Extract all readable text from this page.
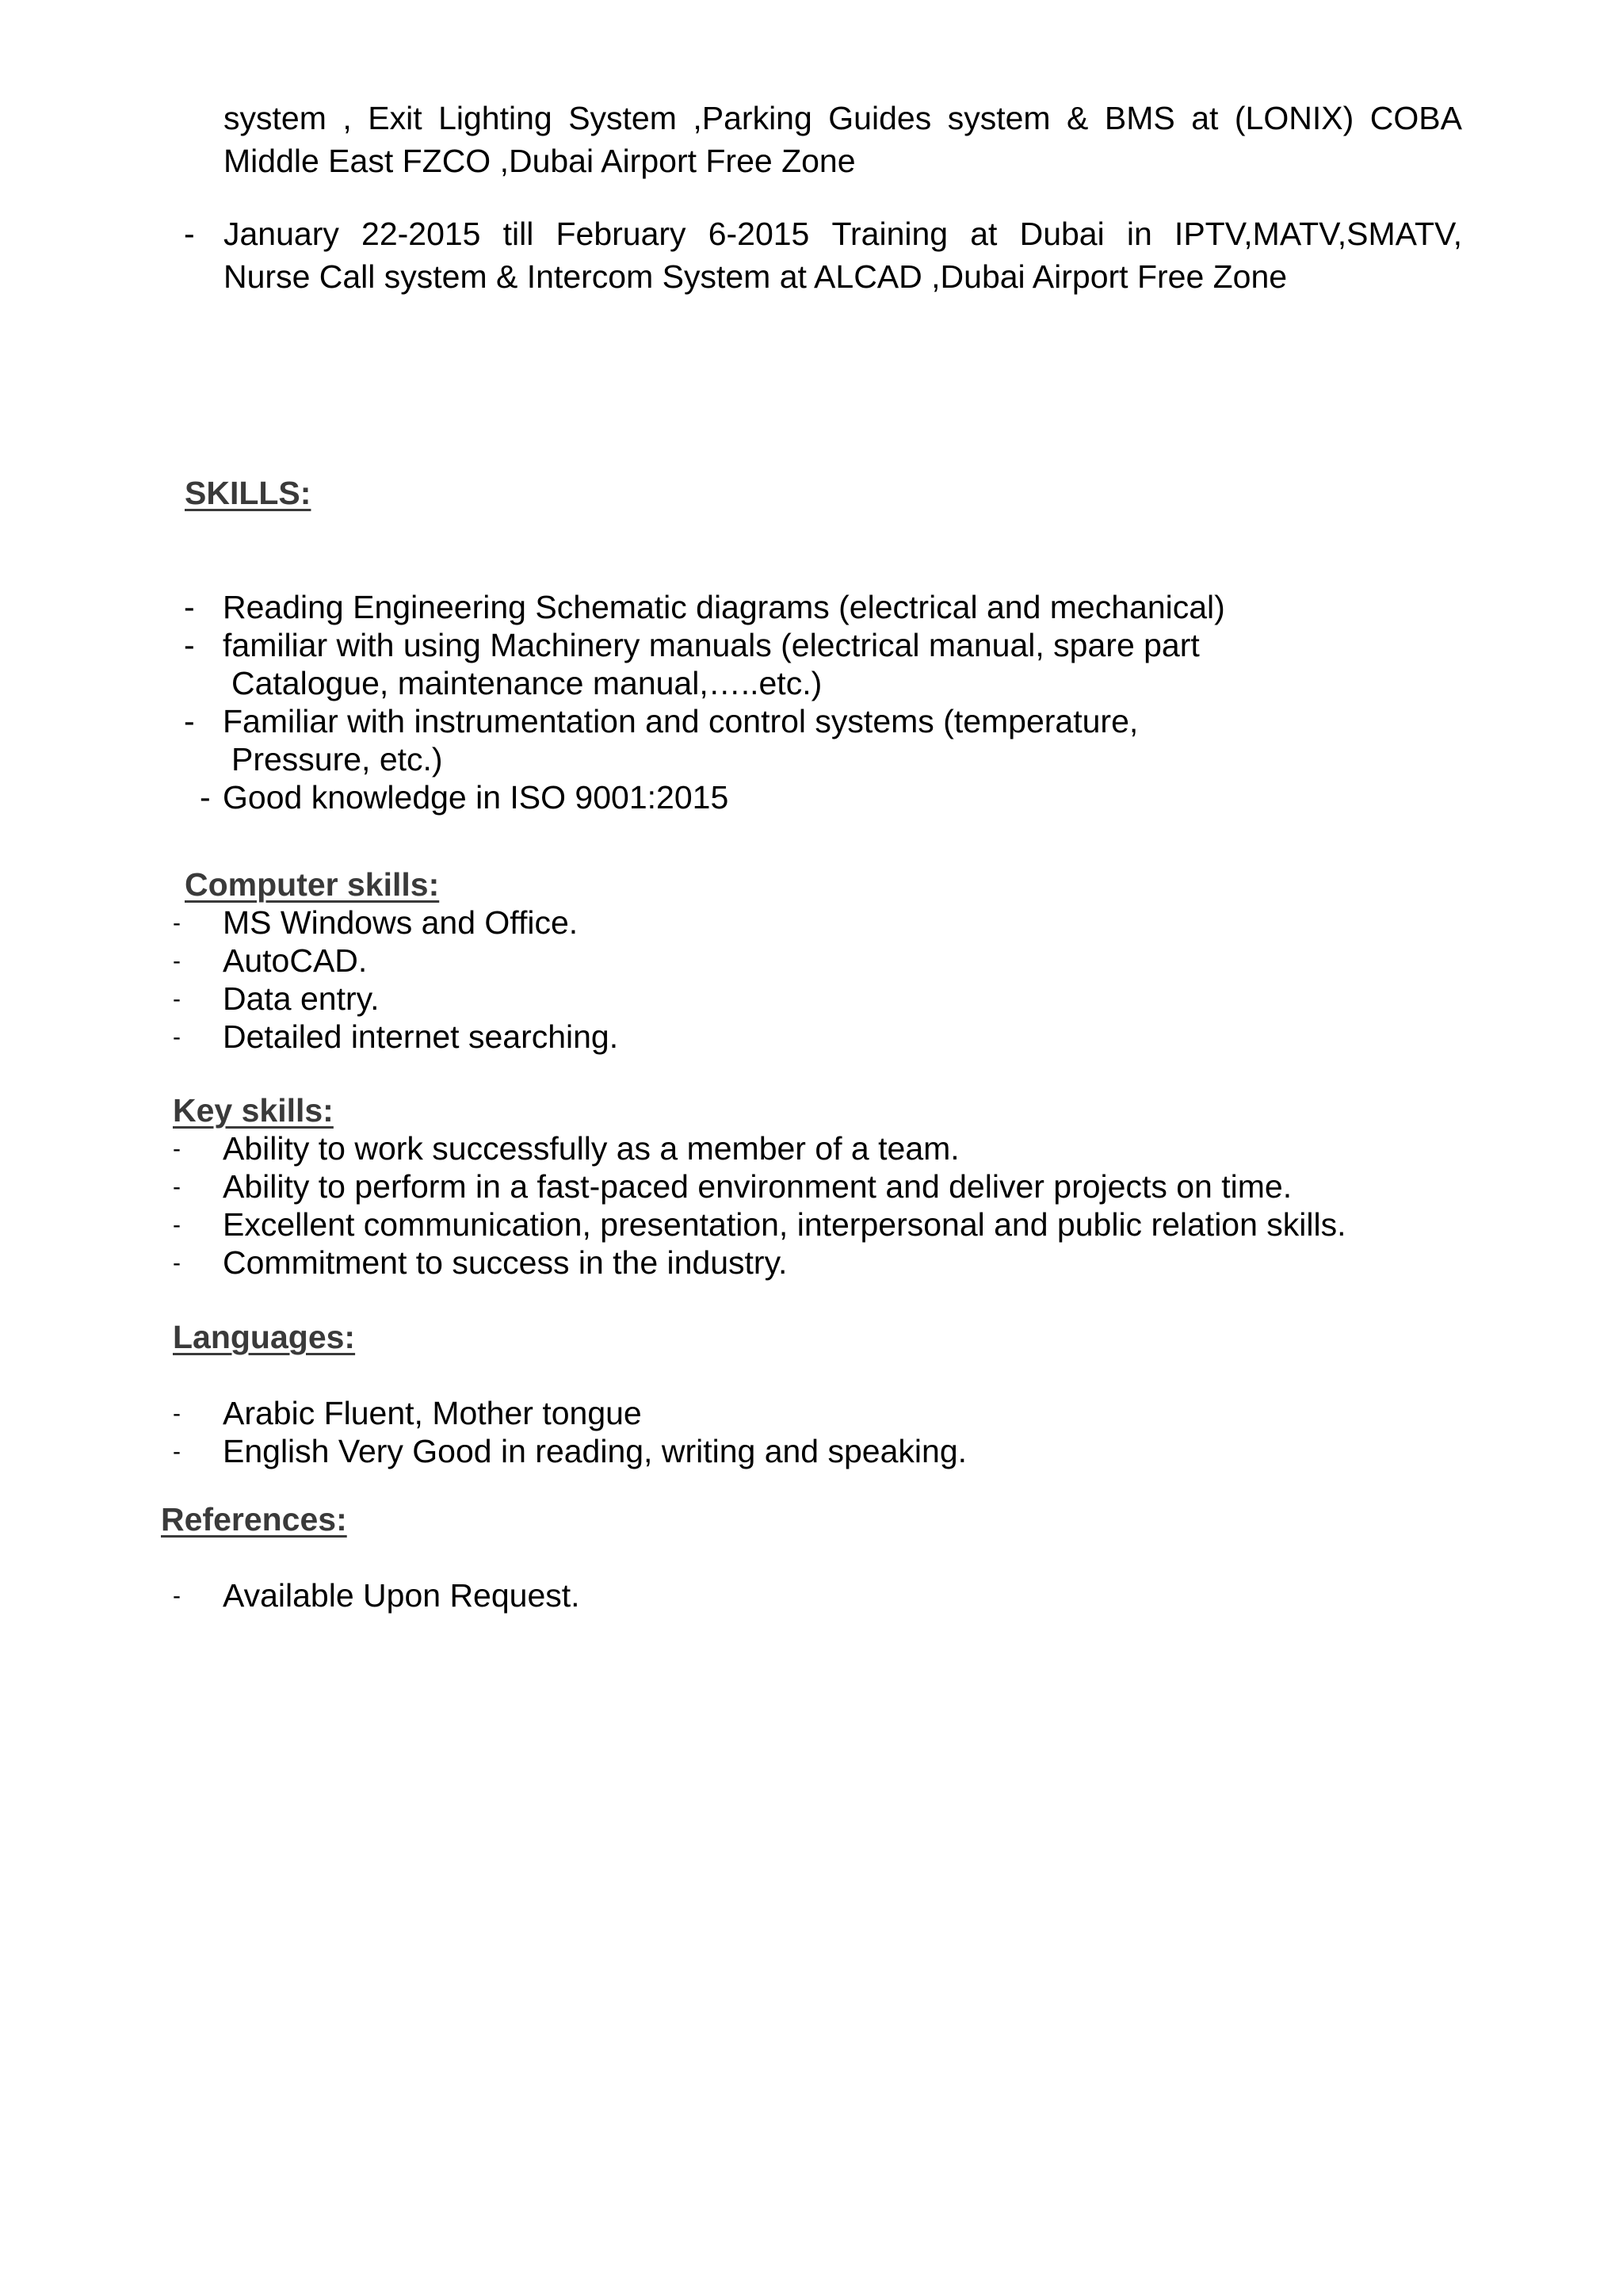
system , Exit Lighting System ,Parking Guides system & BMS at (LONIX) COBA
Middle East FZCO ,Dubai Airport Free Zone
- January 22-2015 till February 6-2015 Training at Dubai in IPTV,MATV,SMATV,
Nurse Call system & Intercom System at ALCAD ,Dubai Airport Free Zone
SKILLS:
- Reading Engineering Schematic diagrams (electrical and mechanical)
- familiar with using Machinery manuals (electrical manual, spare part
Catalogue, maintenance manual,…..etc.)
- Familiar with instrumentation and control systems (temperature,
Pressure, etc.)
- Good knowledge in ISO 9001:2015
Computer skills:
- MS Windows and Office.
- AutoCAD.
- Data entry.
- Detailed internet searching.
Key skills:
- Ability to work successfully as a member of a team.
- Ability to perform in a fast-paced environment and deliver projects on time.
- Excellent communication, presentation, interpersonal and public relation skills.
- Commitment to success in the industry.
Languages:
- Arabic Fluent, Mother tongue
- English Very Good in reading, writing and speaking.
References:
- Available Upon Request.
